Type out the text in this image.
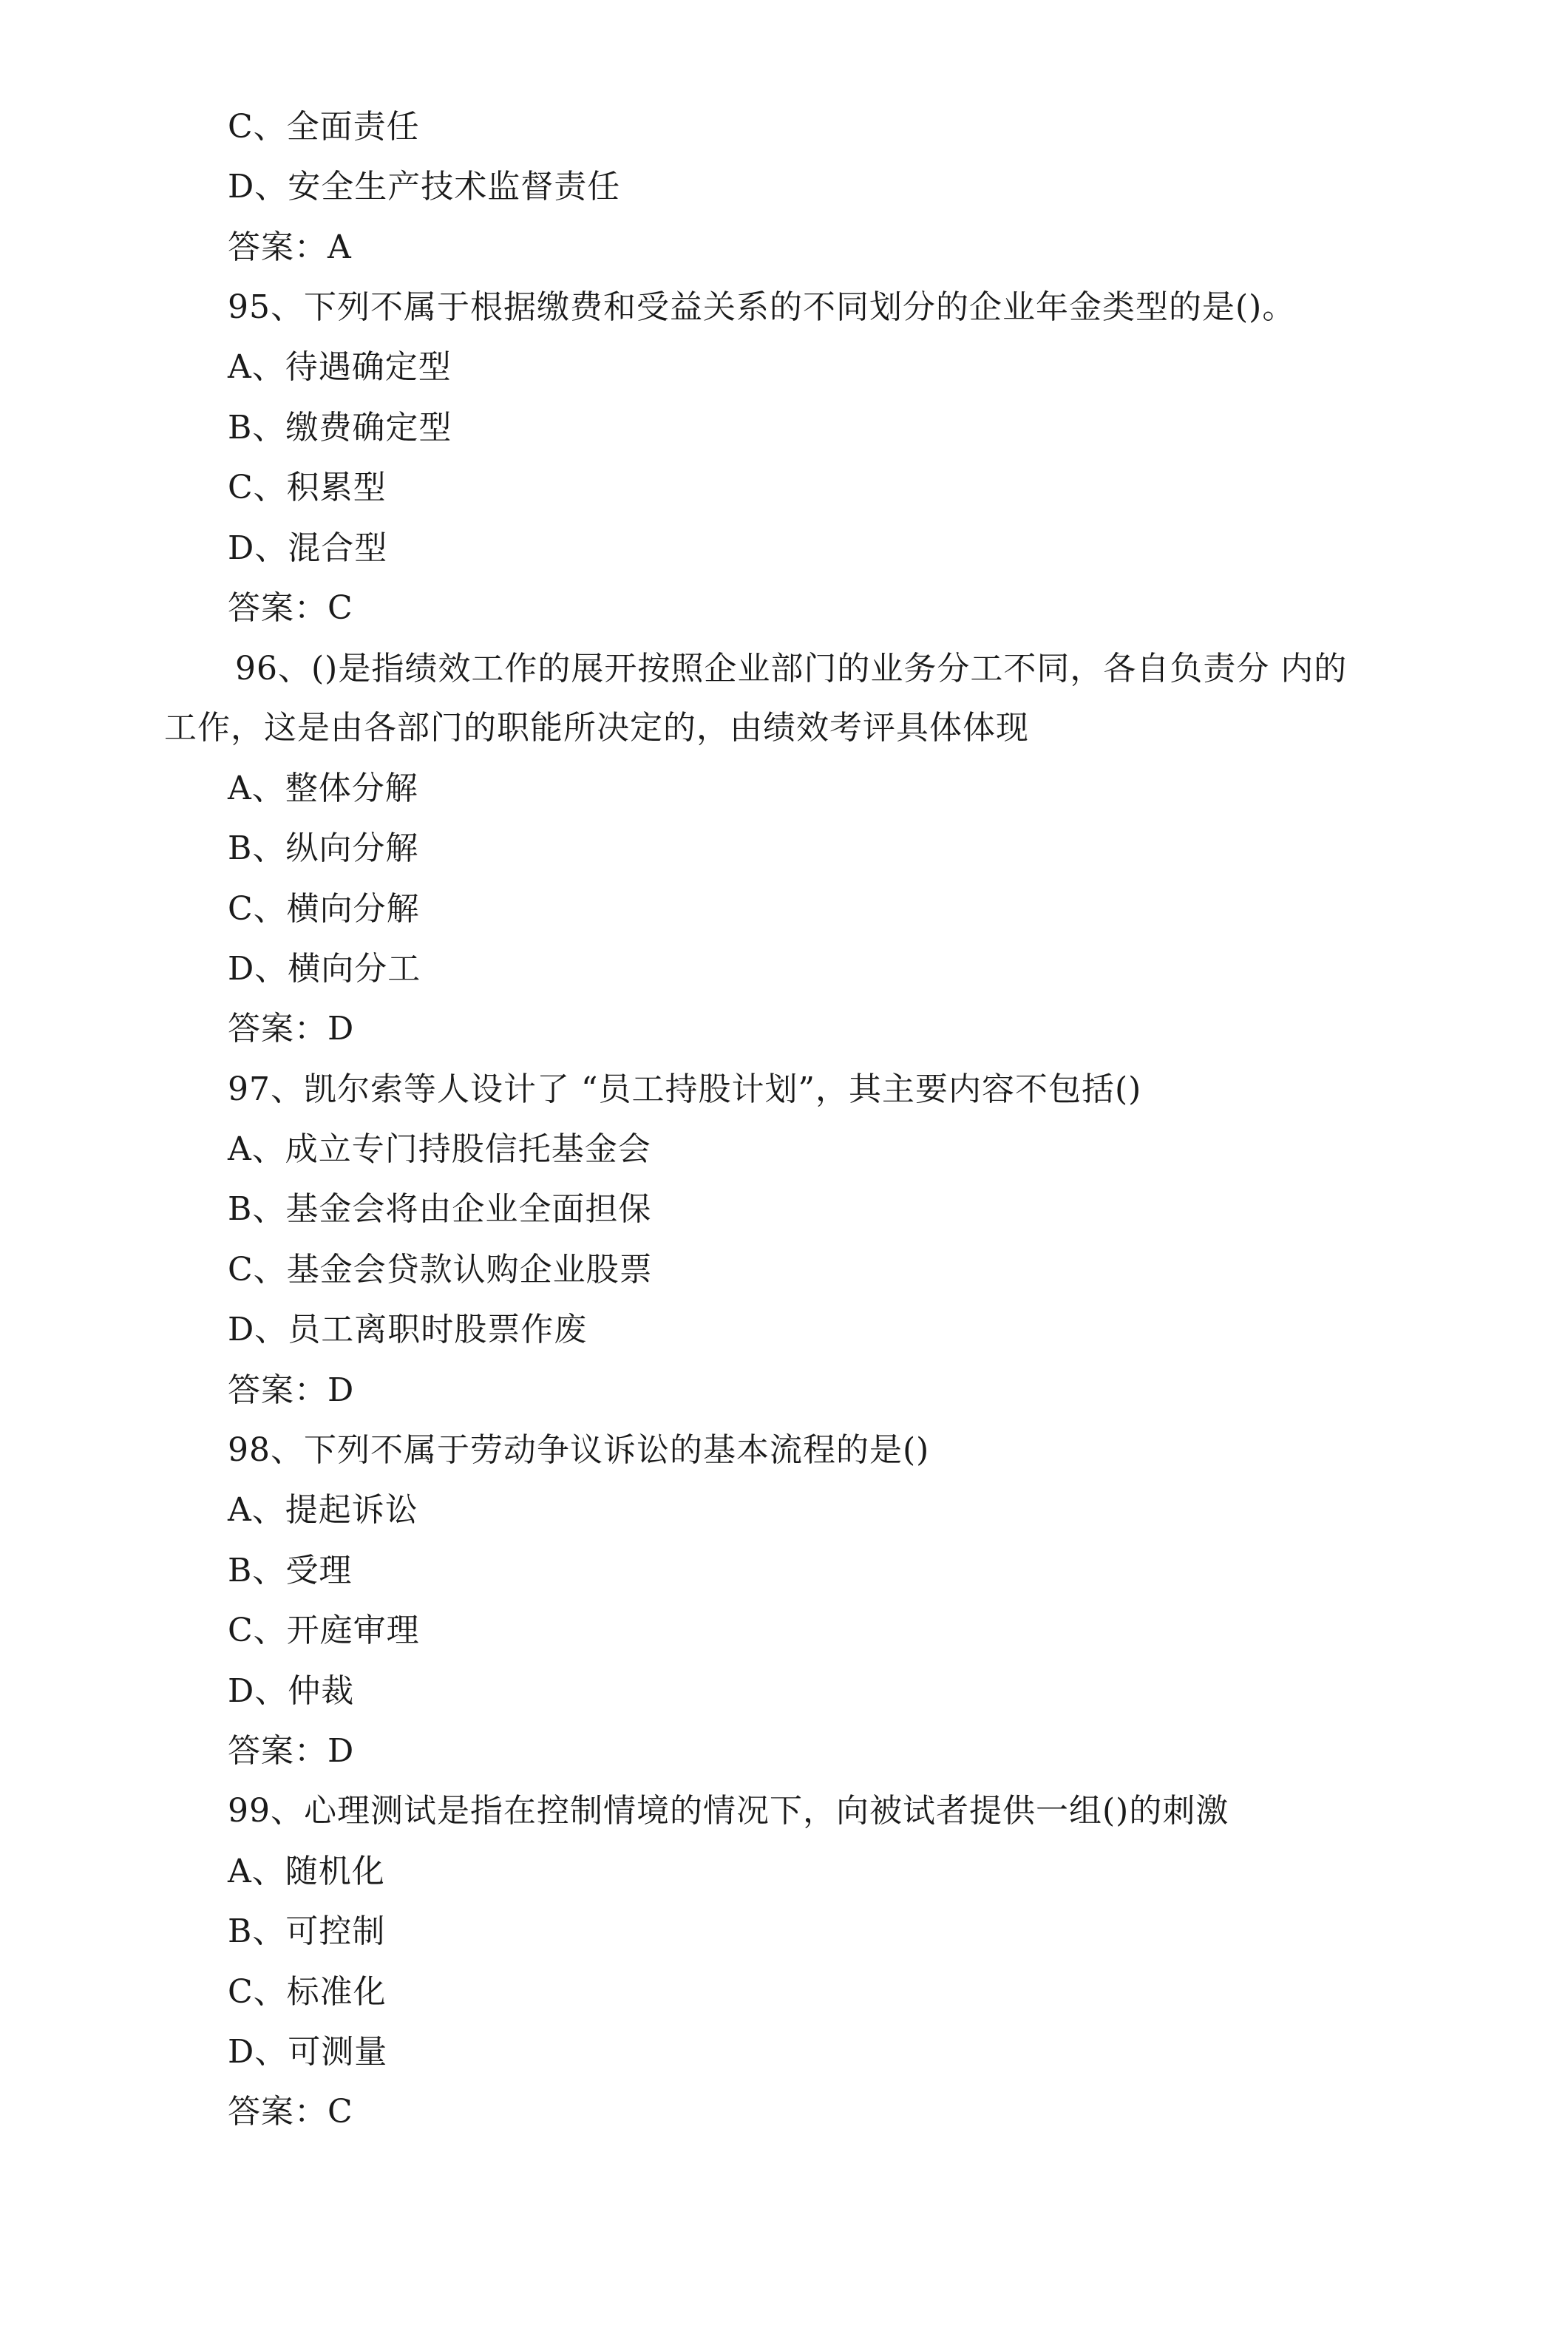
C、全面责任
D、安全生产技术监督责任
答案：A
95、下列不属于根据缴费和受益关系的不同划分的企业年金类型的是()。
A、待遇确定型
B、缴费确定型
C、积累型
D、混合型
答案：C
96、()是指绩效工作的展开按照企业部门的业务分工不同，各自负责分 内的
工作，这是由各部门的职能所决定的，由绩效考评具体体现
A、整体分解
B、纵向分解
C、横向分解
D、横向分工
答案：D
97、凯尔索等人设计了 “员工持股计划”，其主要内容不包括()
A、成立专门持股信托基金会
B、基金会将由企业全面担保
C、基金会贷款认购企业股票
D、员工离职时股票作废
答案：D
98、下列不属于劳动争议诉讼的基本流程的是()
A、提起诉讼
B、受理
C、开庭审理
D、仲裁
答案：D
99、心理测试是指在控制情境的情况下，向被试者提供一组()的刺激
A、随机化
B、可控制
C、标准化
D、可测量
答案：C
